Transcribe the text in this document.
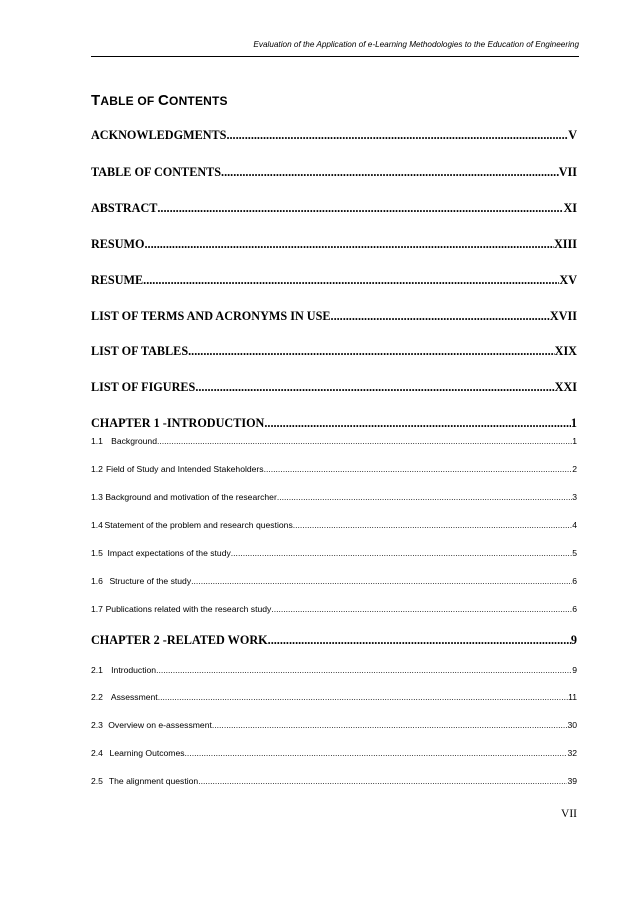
Evaluation of the Application of e-Learning Methodologies to the Education of Engineering
TABLE OF CONTENTS
ACKNOWLEDGMENTS .....	V
TABLE OF CONTENTS .....	VII
ABSTRACT .....	XI
RESUMO .....	XIII
RESUME .....	XV
LIST OF TERMS AND ACRONYMS IN USE .....	XVII
LIST OF TABLES .....	XIX
LIST OF FIGURES .....	XXI
CHAPTER 1 - INTRODUCTION .....	1
1.1 Background .....	1
1.2 Field of Study and Intended Stakeholders .....	2
1.3 Background and motivation of the researcher .....	3
1.4 Statement of the problem and research questions .....	4
1.5 Impact expectations of the study .....	5
1.6 Structure of the study .....	6
1.7 Publications related with the research study .....	6
CHAPTER 2 - RELATED WORK .....	9
2.1 Introduction .....	9
2.2 Assessment .....	11
2.3 Overview on e-assessment .....	30
2.4 Learning Outcomes .....	32
2.5 The alignment question .....	39
VII
